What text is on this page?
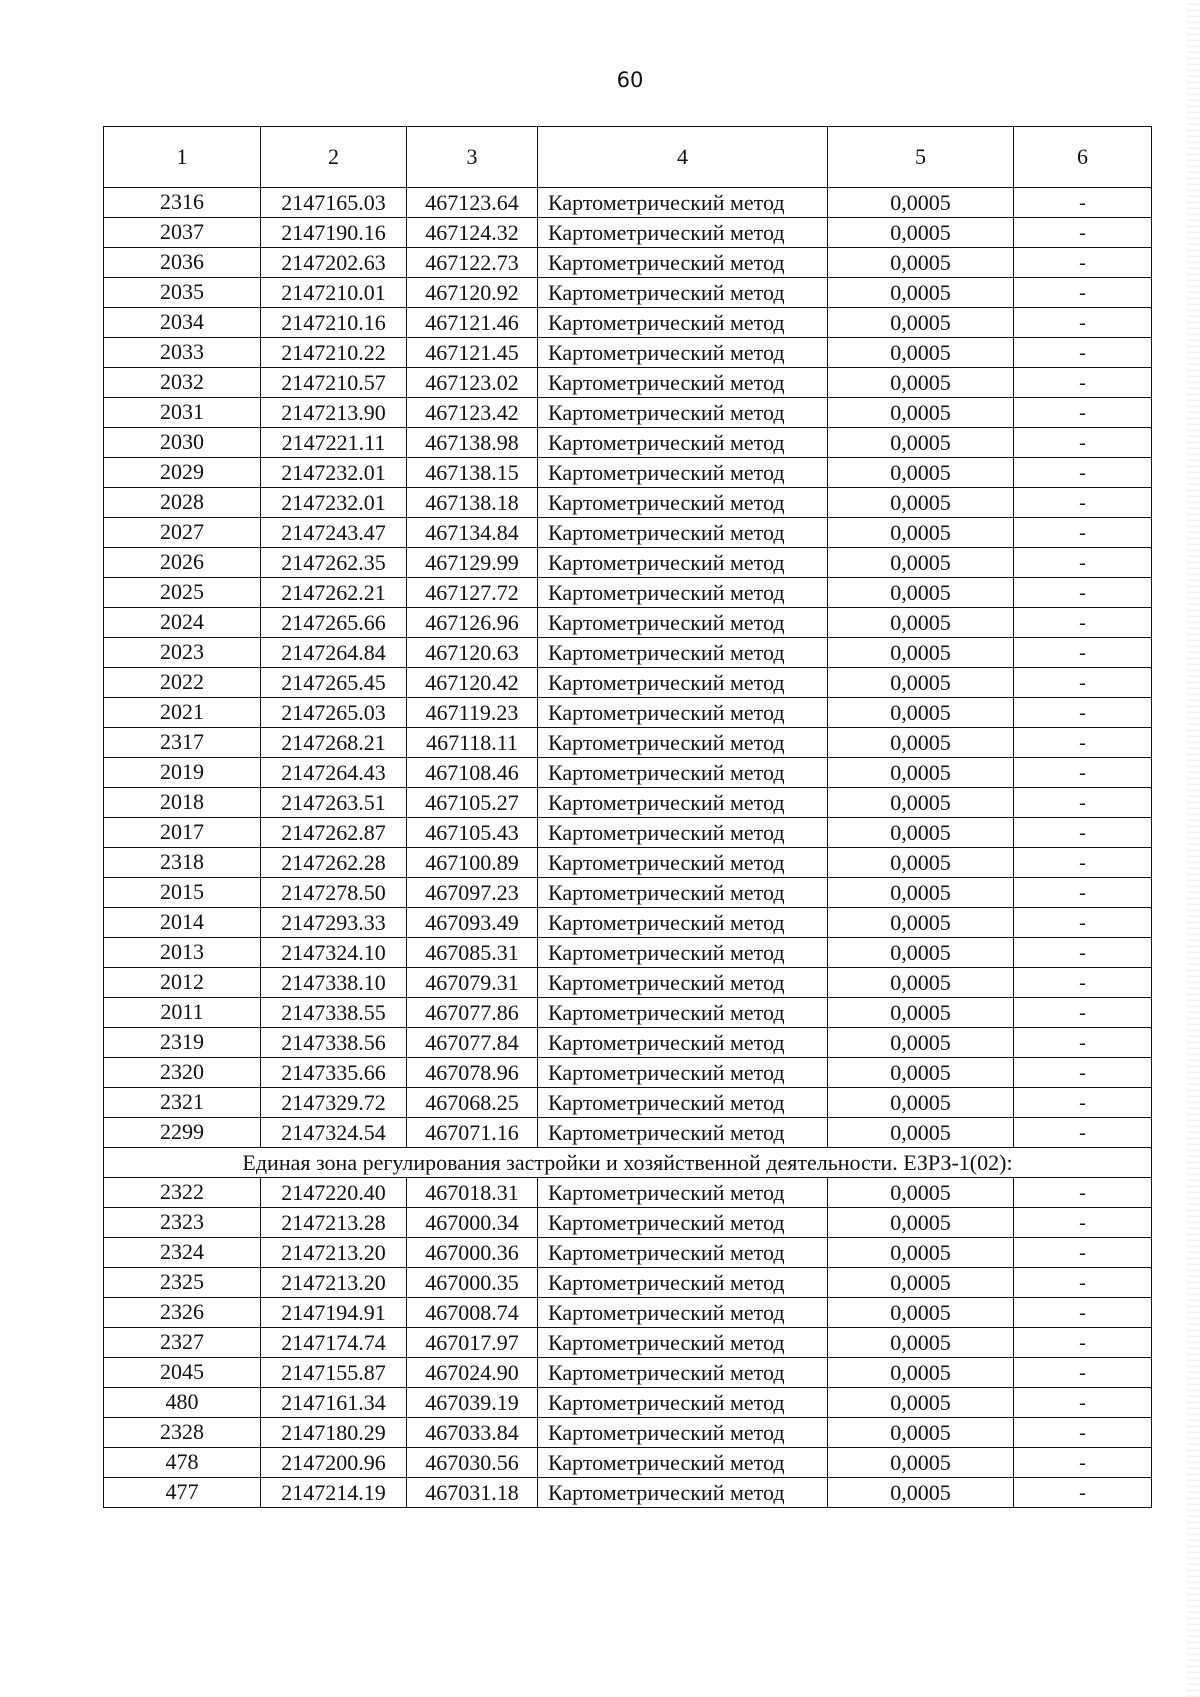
60
1	2	3	4	5	6
2316	2147165.03	467123.64	Картометрический метод	0,0005	-
2037	2147190.16	467124.32	Картометрический метод	0,0005	-
2036	2147202.63	467122.73	Картометрический метод	0,0005	-
2035	2147210.01	467120.92	Картометрический метод	0,0005	-
2034	2147210.16	467121.46	Картометрический метод	0,0005	-
2033	2147210.22	467121.45	Картометрический метод	0,0005	-
2032	2147210.57	467123.02	Картометрический метод	0,0005	-
2031	2147213.90	467123.42	Картометрический метод	0,0005	-
2030	2147221.11	467138.98	Картометрический метод	0,0005	-
2029	2147232.01	467138.15	Картометрический метод	0,0005	-
2028	2147232.01	467138.18	Картометрический метод	0,0005	-
2027	2147243.47	467134.84	Картометрический метод	0,0005	-
2026	2147262.35	467129.99	Картометрический метод	0,0005	-
2025	2147262.21	467127.72	Картометрический метод	0,0005	-
2024	2147265.66	467126.96	Картометрический метод	0,0005	-
2023	2147264.84	467120.63	Картометрический метод	0,0005	-
2022	2147265.45	467120.42	Картометрический метод	0,0005	-
2021	2147265.03	467119.23	Картометрический метод	0,0005	-
2317	2147268.21	467118.11	Картометрический метод	0,0005	-
2019	2147264.43	467108.46	Картометрический метод	0,0005	-
2018	2147263.51	467105.27	Картометрический метод	0,0005	-
2017	2147262.87	467105.43	Картометрический метод	0,0005	-
2318	2147262.28	467100.89	Картометрический метод	0,0005	-
2015	2147278.50	467097.23	Картометрический метод	0,0005	-
2014	2147293.33	467093.49	Картометрический метод	0,0005	-
2013	2147324.10	467085.31	Картометрический метод	0,0005	-
2012	2147338.10	467079.31	Картометрический метод	0,0005	-
2011	2147338.55	467077.86	Картометрический метод	0,0005	-
2319	2147338.56	467077.84	Картометрический метод	0,0005	-
2320	2147335.66	467078.96	Картометрический метод	0,0005	-
2321	2147329.72	467068.25	Картометрический метод	0,0005	-
2299	2147324.54	467071.16	Картометрический метод	0,0005	-
Единая зона регулирования застройки и хозяйственной деятельности. ЕЗРЗ-1(02):					
2322	2147220.40	467018.31	Картометрический метод	0,0005	-
2323	2147213.28	467000.34	Картометрический метод	0,0005	-
2324	2147213.20	467000.36	Картометрический метод	0,0005	-
2325	2147213.20	467000.35	Картометрический метод	0,0005	-
2326	2147194.91	467008.74	Картометрический метод	0,0005	-
2327	2147174.74	467017.97	Картометрический метод	0,0005	-
2045	2147155.87	467024.90	Картометрический метод	0,0005	-
480	2147161.34	467039.19	Картометрический метод	0,0005	-
2328	2147180.29	467033.84	Картометрический метод	0,0005	-
478	2147200.96	467030.56	Картометрический метод	0,0005	-
477	2147214.19	467031.18	Картометрический метод	0,0005	-
